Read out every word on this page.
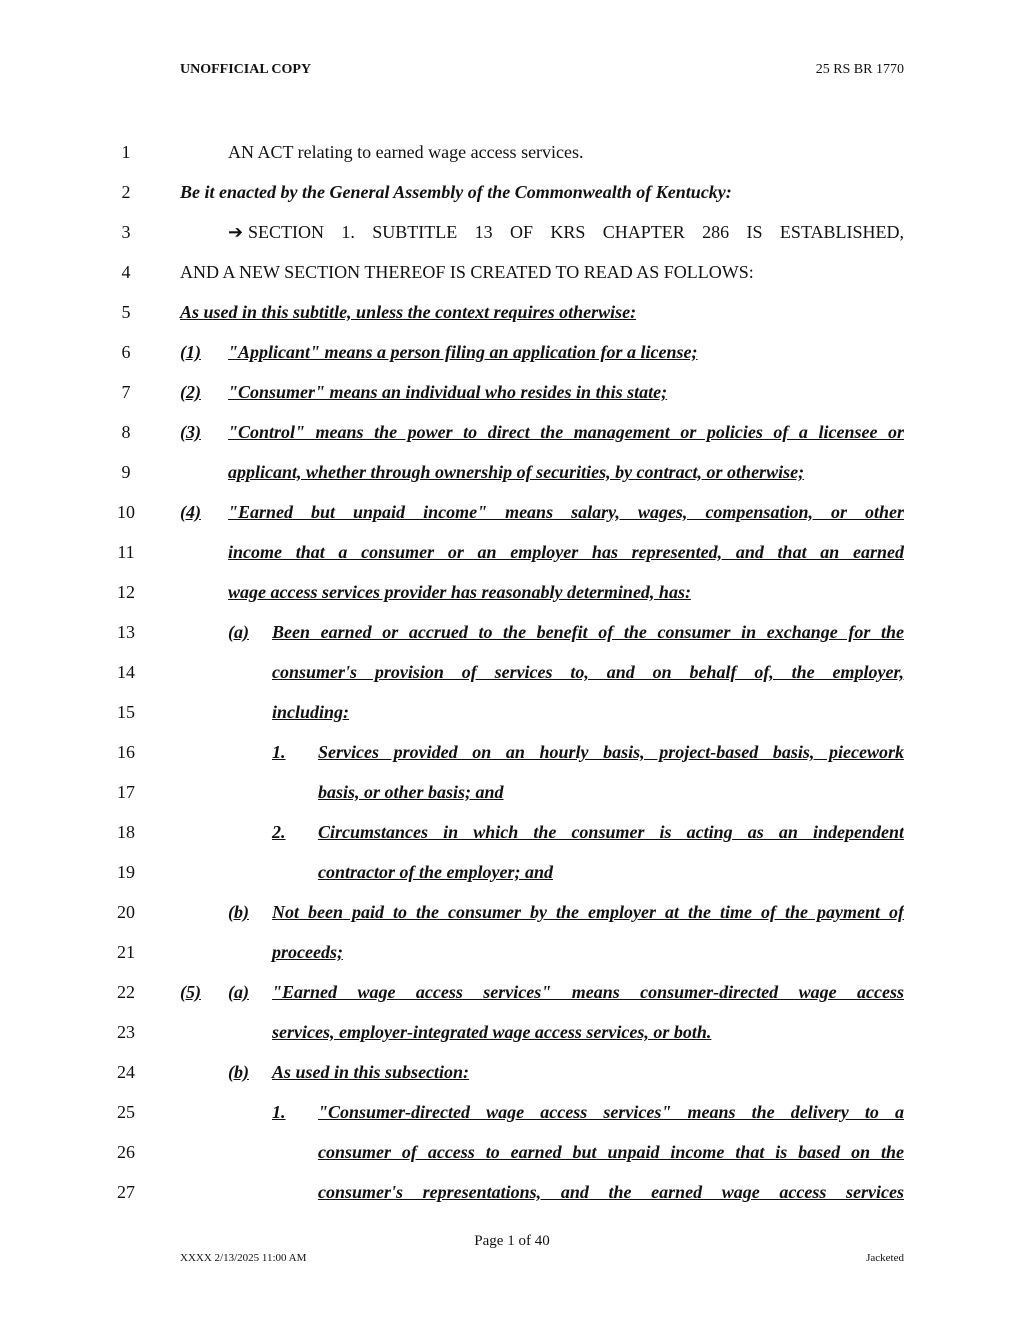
UNOFFICIAL COPY	25 RS BR 1770
1	AN ACT relating to earned wage access services.
2	Be it enacted by the General Assembly of the Commonwealth of Kentucky:
3	➔ SECTION 1. SUBTITLE 13 OF KRS CHAPTER 286 IS ESTABLISHED,
4	AND A NEW SECTION THEREOF IS CREATED TO READ AS FOLLOWS:
5	As used in this subtitle, unless the context requires otherwise:
6	(1)	"Applicant" means a person filing an application for a license;
7	(2)	"Consumer" means an individual who resides in this state;
8	(3)	"Control" means the power to direct the management or policies of a licensee or
9	applicant, whether through ownership of securities, by contract, or otherwise;
10	(4)	"Earned but unpaid income" means salary, wages, compensation, or other
11	income that a consumer or an employer has represented, and that an earned
12	wage access services provider has reasonably determined, has:
13	(a)	Been earned or accrued to the benefit of the consumer in exchange for the
14	consumer's provision of services to, and on behalf of, the employer,
15	including:
16	1.	Services provided on an hourly basis, project-based basis, piecework
17	basis, or other basis; and
18	2.	Circumstances in which the consumer is acting as an independent
19	contractor of the employer; and
20	(b)	Not been paid to the consumer by the employer at the time of the payment of
21	proceeds;
22	(5)	(a)	"Earned wage access services" means consumer-directed wage access
23	services, employer-integrated wage access services, or both.
24	(b)	As used in this subsection:
25	1.	"Consumer-directed wage access services" means the delivery to a
26	consumer of access to earned but unpaid income that is based on the
27	consumer's representations, and the earned wage access services
Page 1 of 40
XXXX 2/13/2025 11:00 AM	Jacketed
